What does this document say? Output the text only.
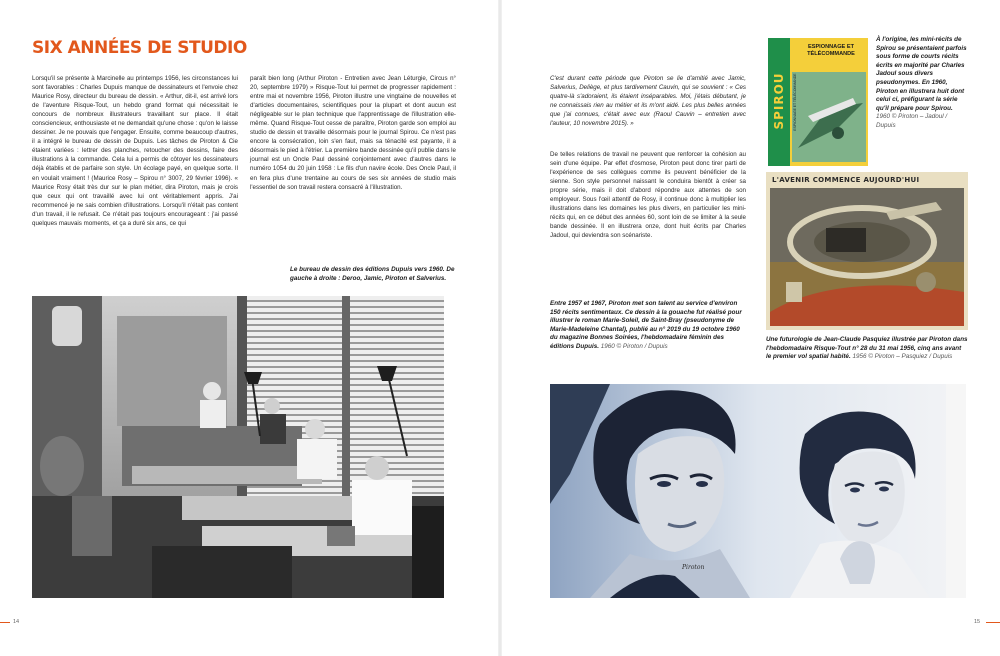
SIX ANNÉES DE STUDIO

Lorsqu'il se présente à Marcinelle au printemps 1956, les circonstances lui sont favorables : Charles Dupuis manque de dessinateurs et l'envoie chez Maurice Rosy, directeur du bureau de dessin. « Arthur, dit-il, est arrivé lors de l'aventure Risque-Tout, un hebdo grand format qui nécessitait le concours de nombreux illustrateurs travaillant sur place. Il était consciencieux, enthousiaste et ne demandait qu'une chose : qu'on le laisse dessiner. Je ne pouvais que l'engager. Ensuite, comme beaucoup d'autres, il a intégré le bureau de dessin de Dupuis. Les tâches de Piroton & Cie étaient variées : lettrer des planches, retoucher des dessins, faire des illustrations à la commande. Cela lui a permis de côtoyer les dessinateurs déjà établis et de parfaire son style. Un écolage payé, en quelque sorte. Il en voulait vraiment ! (Maurice Rosy – Spirou n° 3007, 29 février 1996). « Maurice Rosy était très dur sur le plan métier, dira Piroton, mais je crois que ceux qui ont travaillé avec lui ont véritablement appris. J'ai recommencé je ne sais combien d'illustrations. Lorsqu'il n'était pas content d'un travail, il le refusait. Ce n'était pas toujours encourageant : j'ai passé quelques mauvais moments, et ça a duré six ans, ce qui

paraît bien long (Arthur Piroton - Entretien avec Jean Léturgie, Circus n° 20, septembre 1979) » Risque-Tout lui permet de progresser rapidement : entre mai et novembre 1956, Piroton illustre une vingtaine de nouvelles et d'articles documentaires, scientifiques pour la plupart et dont aucun est négligeable sur le plan technique que l'apprentissage de l'illustration elle-même. Quand Risque-Tout cesse de paraître, Piroton garde son emploi au studio de dessin et travaille désormais pour le journal Spirou. Ce n'est pas encore la consécration, loin s'en faut, mais sa ténacité est payante, il a désormais le pied à l'étrier. La première bande dessinée qu'il publie dans le journal est un Oncle Paul dessiné conjointement avec d'autres dans le numéro 1054 du 20 juin 1958 : Le fils d'un navire école. Des Oncle Paul, il en fera plus d'une trentaine au cours de ses six années de studio mais l'essentiel de son travail restera consacré à l'illustration.

Le bureau de dessin des éditions Dupuis vers 1960. De gauche à droite : Deroo, Jamic, Piroton et Salverius.
14

C'est durant cette période que Piroton se lie d'amitié avec Jamic, Salverius, Deliège, et plus tardivement Cauvin, qui se souvient : « Ces quatre-là s'adoraient, ils étaient inséparables. Moi, j'étais débutant, je ne connaissais rien au métier et ils m'ont aidé. Les plus belles années que j'ai connues, c'était avec eux (Raoul Cauvin – entretien avec l'auteur, 10 novembre 2015). »

De telles relations de travail ne peuvent que renforcer la cohésion au sein d'une équipe. Par effet d'osmose, Piroton peut donc tirer parti de l'expérience de ses collègues comme ils peuvent bénéficier de la sienne. Son style personnel naissant le conduira bientôt à créer sa propre série, mais il doit d'abord répondre aux attentes de son employeur. Sous l'œil attentif de Rosy, il continue donc à multiplier les illustrations dans les domaines les plus divers, en particulier les mini-récits qui, en ce début des années 60, sont loin de se limiter à la seule bande dessinée. Il en illustrera onze, dont huit écrits par Charles Jadoul, qui deviendra son scénariste.

ESPIONNAGE ET
TÉLÉCOMMANDE
SPIROU
MINI-BIBLIOTHÈQUE	ESPIONNAGE ET TÉLÉCOMMANDE
À l'origine, les mini-récits de Spirou se présentaient parfois sous forme de courts récits écrits en majorité par Charles Jadoul sous divers pseudonymes. En 1960, Piroton en illustrera huit dont celui ci, préfigurant la série qu'il prépare pour Spirou. 1960 © Piroton – Jadoul / Dupuis
L'AVENIR COMMENCE AUJOURD'HUI
Une futurologie de Jean-Claude Pasquiez illustrée par Piroton dans l'hebdomadaire Risque-Tout n° 28 du 31 mai 1956, cinq ans avant le premier vol spatial habité. 1956 © Piroton – Pasquiez / Dupuis
Entre 1957 et 1967, Piroton met son talent au service d'environ 150 récits sentimentaux. Ce dessin à la gouache fut réalisé pour illustrer le roman Marie-Soleil, de Saint-Bray (pseudonyme de Marie-Madeleine Chantal), publié au n° 2019 du 19 octobre 1960 du magazine Bonnes Soirées, l'hebdomadaire féminin des éditions Dupuis. 1960 © Piroton / Dupuis
Piroton
15
